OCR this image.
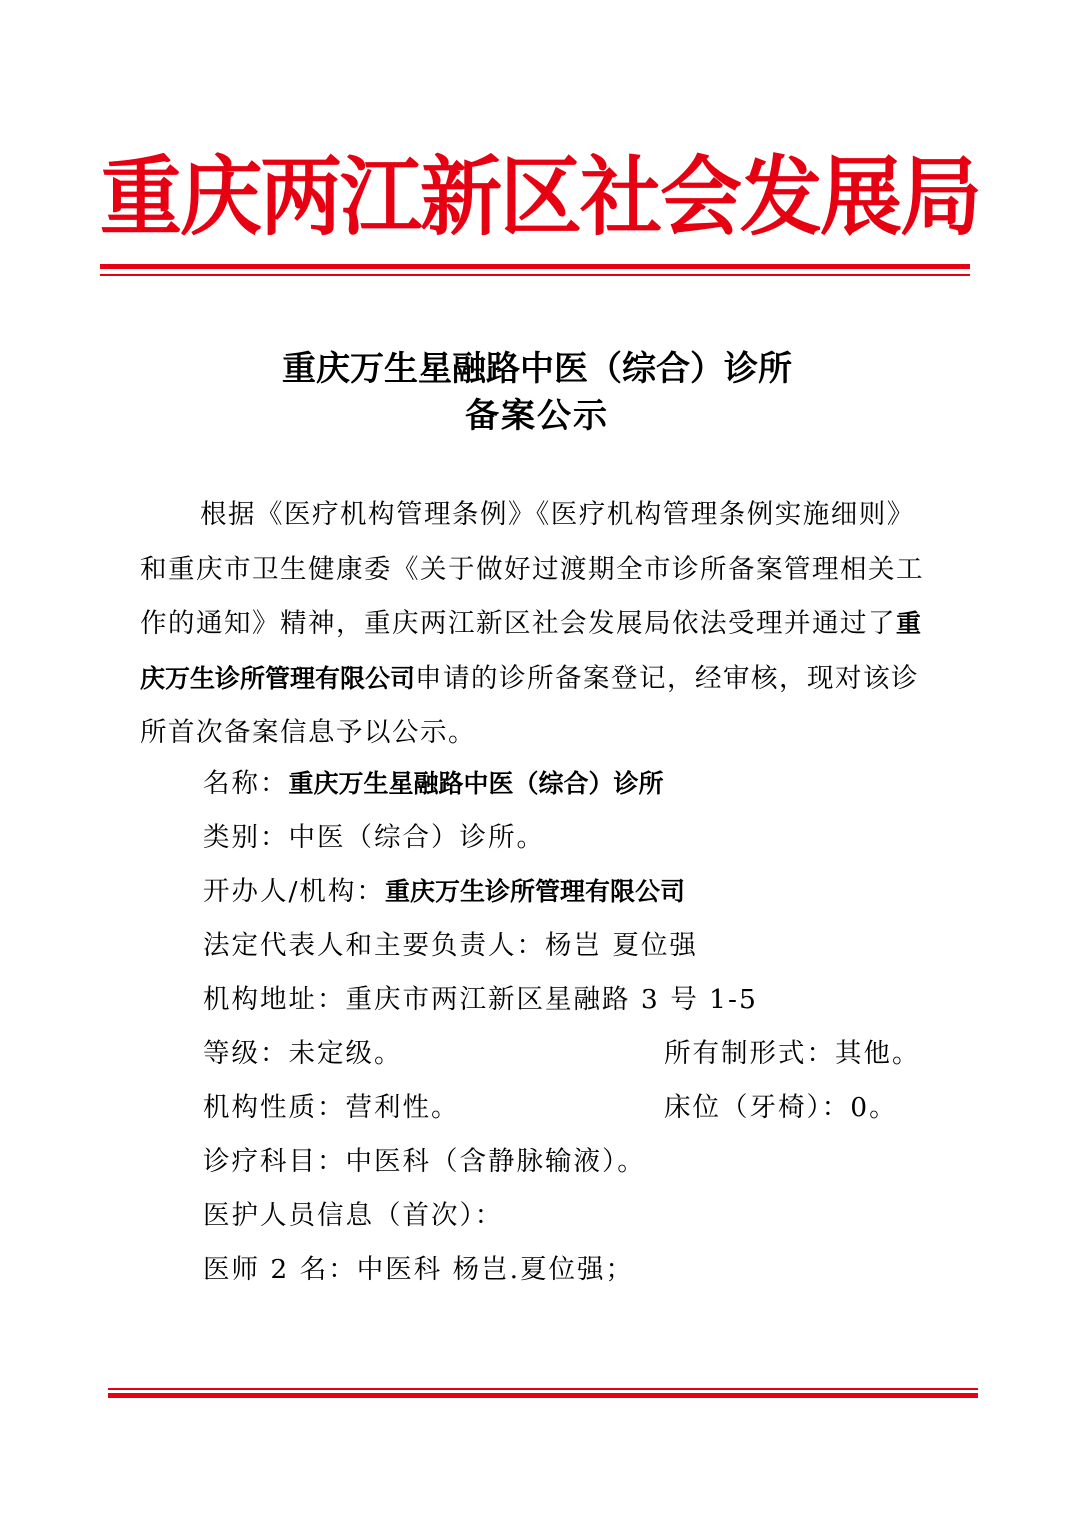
重庆两江新区社会发展局
重庆万生星融路中医（综合）诊所
备案公示
根据《医疗机构管理条例》《医疗机构管理条例实施细则》
和重庆市卫生健康委《关于做好过渡期全市诊所备案管理相关工
作的通知》精神，重庆两江新区社会发展局依法受理并通过了重
庆万生诊所管理有限公司申请的诊所备案登记，经审核，现对该诊
所首次备案信息予以公示。
名称：重庆万生星融路中医（综合）诊所
类别：中医（综合）诊所。
开办人/机构：重庆万生诊所管理有限公司
法定代表人和主要负责人：杨岂 夏位强
机构地址：重庆市两江新区星融路 3 号 1-5
等级：未定级。	所有制形式：其他。
机构性质：营利性。	床位（牙椅）：0。
诊疗科目：中医科（含静脉输液）。
医护人员信息（首次）：
医师 2 名：中医科 杨岂.夏位强；
